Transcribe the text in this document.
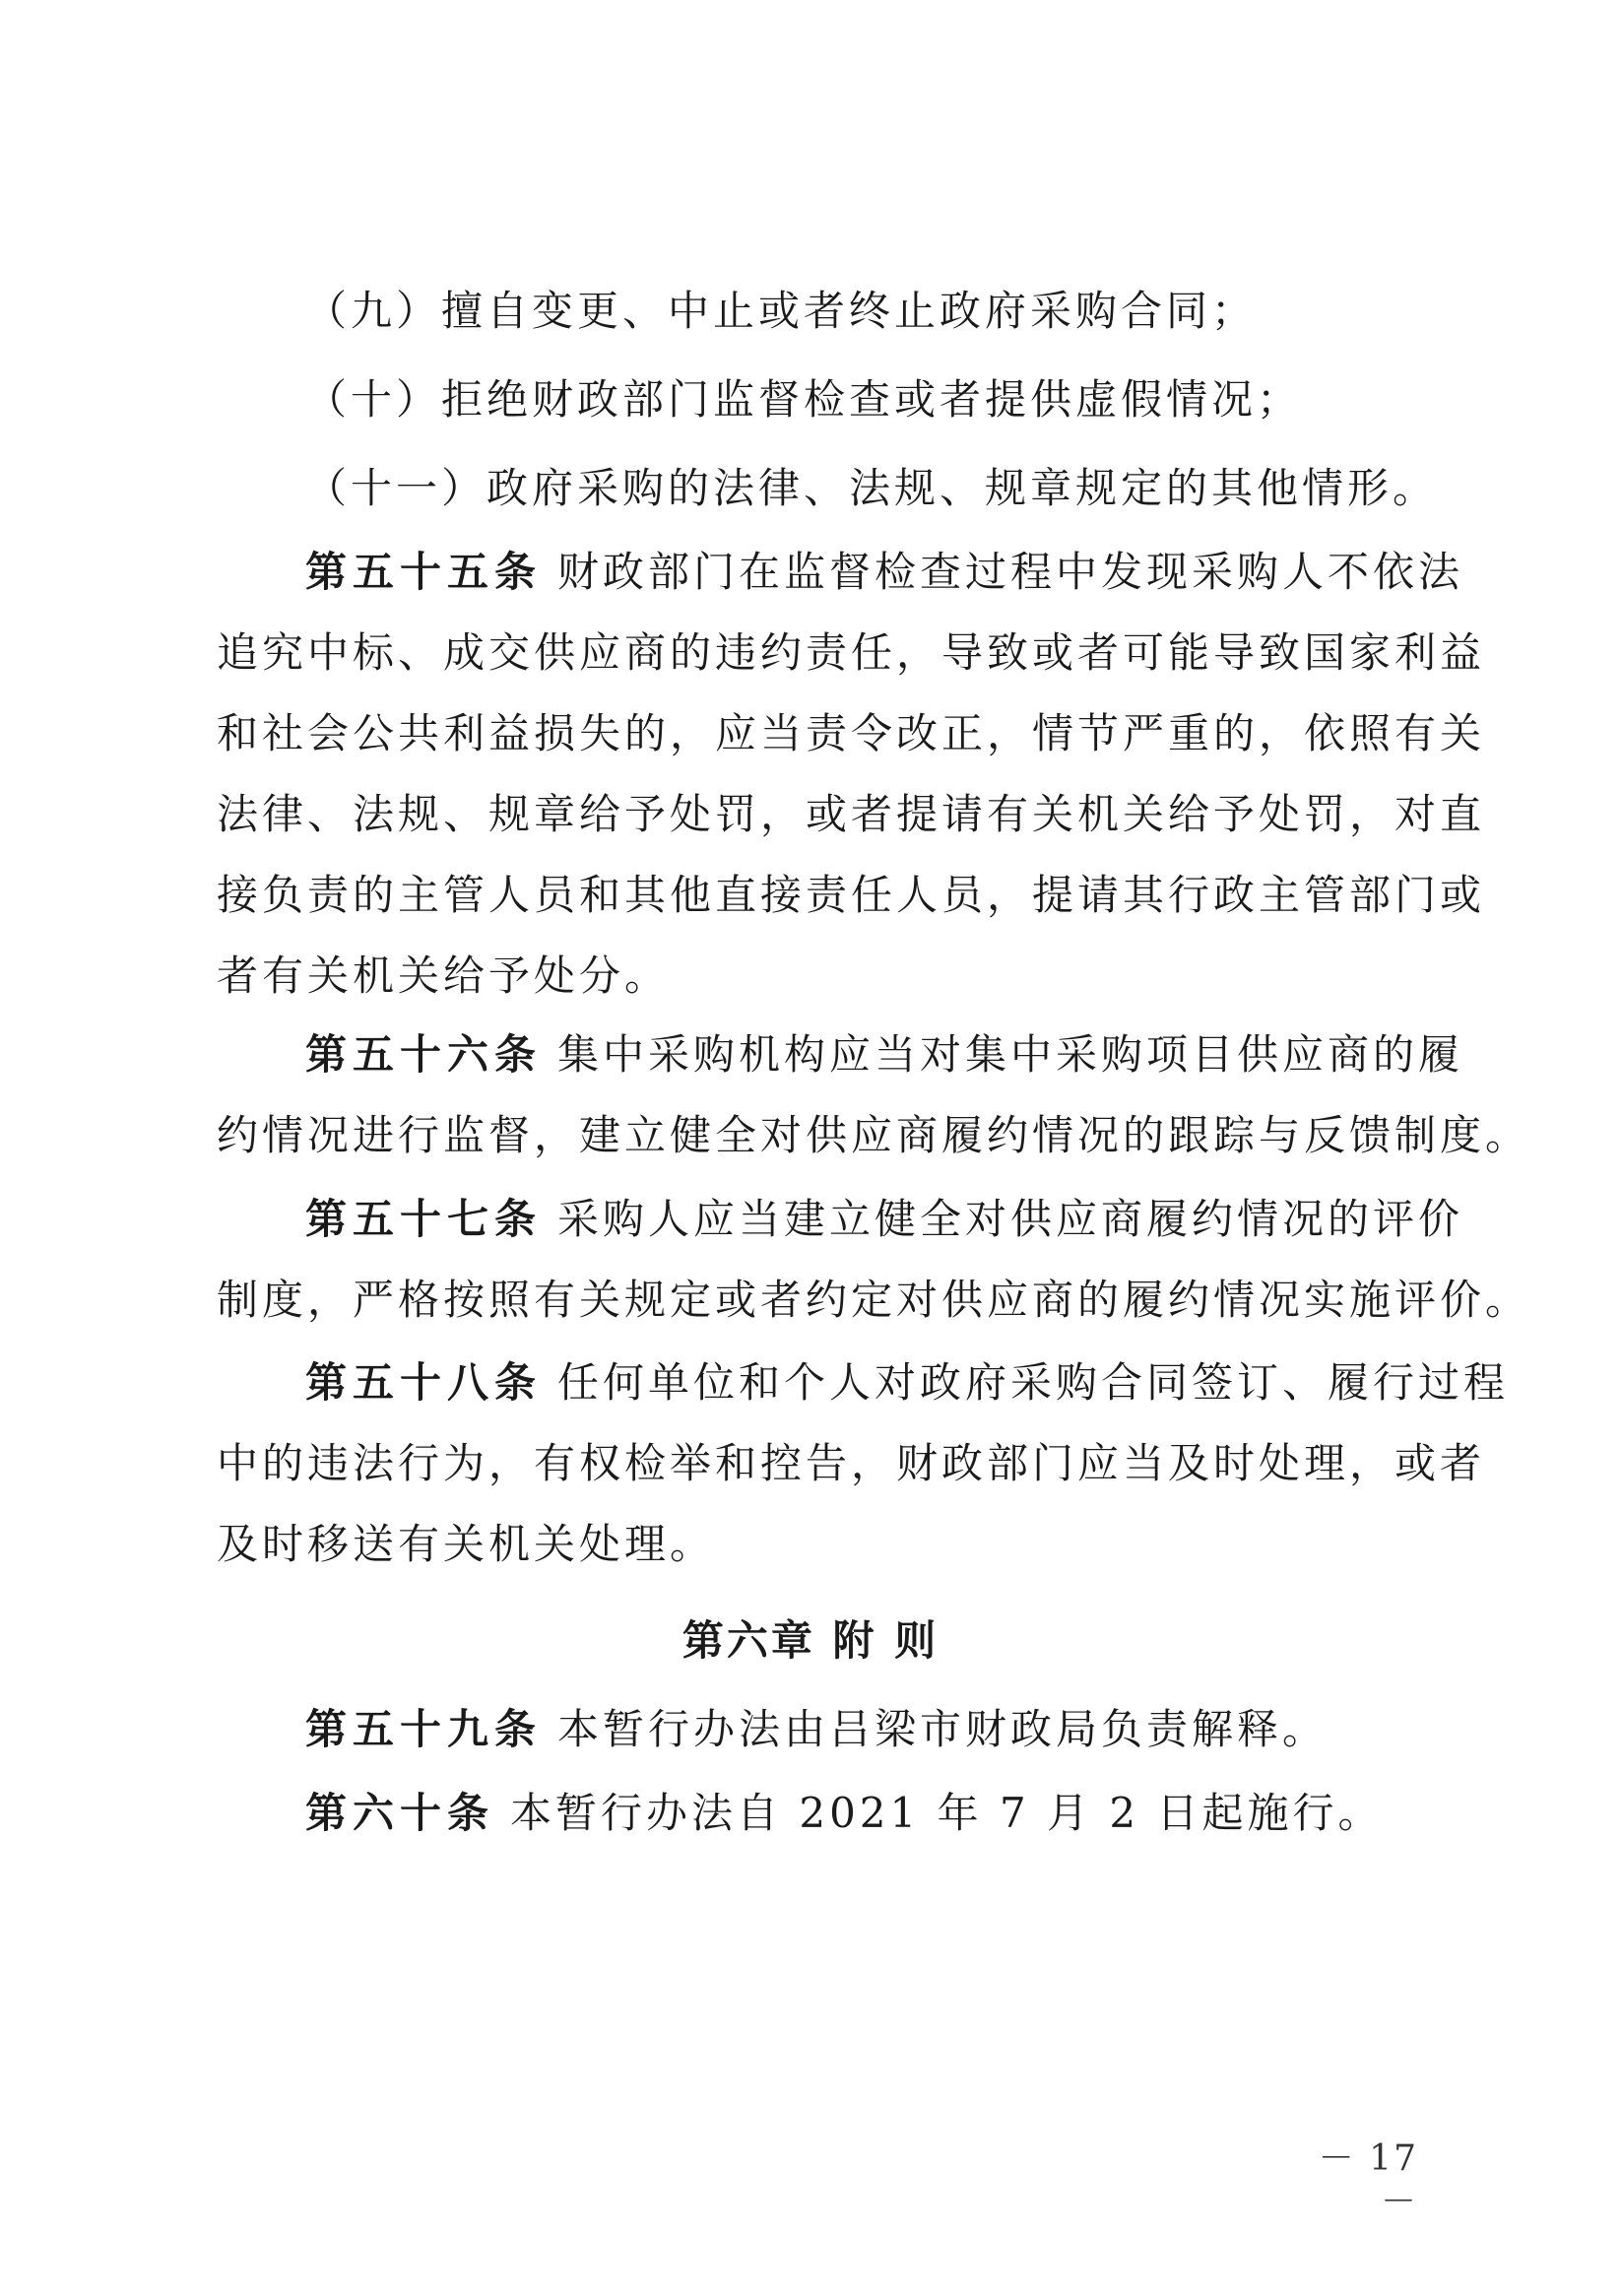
（九）擅自变更、中止或者终止政府采购合同；
（十）拒绝财政部门监督检查或者提供虚假情况；
（十一）政府采购的法律、法规、规章规定的其他情形。
第五十五条 财政部门在监督检查过程中发现采购人不依法
追究中标、成交供应商的违约责任，导致或者可能导致国家利益
和社会公共利益损失的，应当责令改正，情节严重的，依照有关
法律、法规、规章给予处罚，或者提请有关机关给予处罚，对直
接负责的主管人员和其他直接责任人员，提请其行政主管部门或
者有关机关给予处分。
第五十六条 集中采购机构应当对集中采购项目供应商的履
约情况进行监督，建立健全对供应商履约情况的跟踪与反馈制度。
第五十七条 采购人应当建立健全对供应商履约情况的评价
制度，严格按照有关规定或者约定对供应商的履约情况实施评价。
第五十八条 任何单位和个人对政府采购合同签订、履行过程
中的违法行为，有权检举和控告，财政部门应当及时处理，或者
及时移送有关机关处理。
第六章 附 则
第五十九条 本暂行办法由吕梁市财政局负责解释。
第六十条 本暂行办法自 2021 年 7 月 2 日起施行。
－ 17 －
